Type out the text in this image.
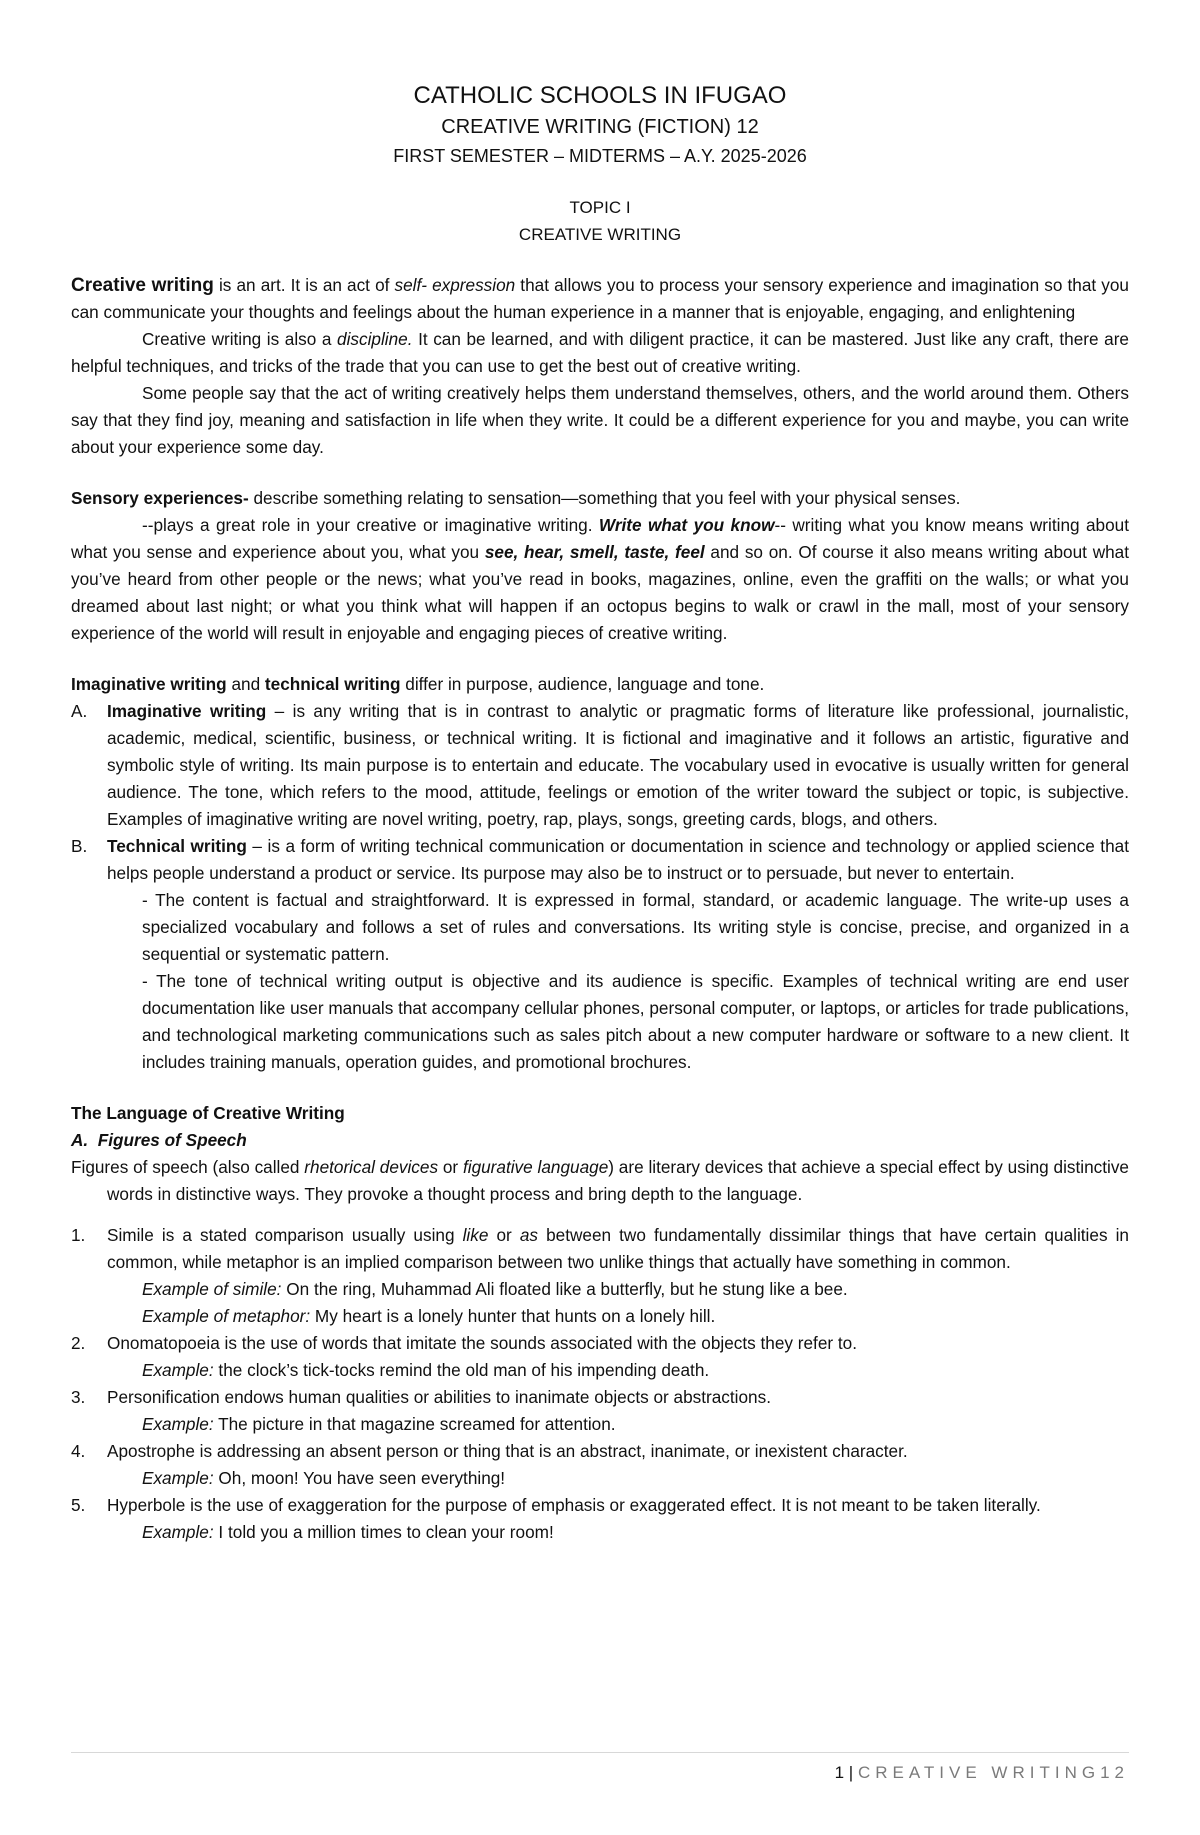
CATHOLIC SCHOOLS IN IFUGAO
CREATIVE WRITING (FICTION) 12
FIRST SEMESTER – MIDTERMS – A.Y. 2025-2026
TOPIC I
CREATIVE WRITING

Creative writing is an art. It is an act of self- expression that allows you to process your sensory experience and imagination so that you can communicate your thoughts and feelings about the human experience in a manner that is enjoyable, engaging, and enlightening

Creative writing is also a discipline. It can be learned, and with diligent practice, it can be mastered. Just like any craft, there are helpful techniques, and tricks of the trade that you can use to get the best out of creative writing.

Some people say that the act of writing creatively helps them understand themselves, others, and the world around them. Others say that they find joy, meaning and satisfaction in life when they write. It could be a different experience for you and maybe, you can write about your experience some day.

Sensory experiences- describe something relating to sensation—something that you feel with your physical senses.

--plays a great role in your creative or imaginative writing. Write what you know-- writing what you know means writing about what you sense and experience about you, what you see, hear, smell, taste, feel and so on. Of course it also means writing about what you’ve heard from other people or the news; what you’ve read in books, magazines, online, even the graffiti on the walls; or what you dreamed about last night; or what you think what will happen if an octopus begins to walk or crawl in the mall, most of your sensory experience of the world will result in enjoyable and engaging pieces of creative writing.

Imaginative writing and technical writing differ in purpose, audience, language and tone.

A. Imaginative writing – is any writing that is in contrast to analytic or pragmatic forms of literature like professional, journalistic, academic, medical, scientific, business, or technical writing. It is fictional and imaginative and it follows an artistic, figurative and symbolic style of writing. Its main purpose is to entertain and educate. The vocabulary used in evocative is usually written for general audience. The tone, which refers to the mood, attitude, feelings or emotion of the writer toward the subject or topic, is subjective. Examples of imaginative writing are novel writing, poetry, rap, plays, songs, greeting cards, blogs, and others.

B. Technical writing – is a form of writing technical communication or documentation in science and technology or applied science that helps people understand a product or service. Its purpose may also be to instruct or to persuade, but never to entertain.

- The content is factual and straightforward. It is expressed in formal, standard, or academic language. The write-up uses a specialized vocabulary and follows a set of rules and conversations. Its writing style is concise, precise, and organized in a sequential or systematic pattern.

- The tone of technical writing output is objective and its audience is specific. Examples of technical writing are end user documentation like user manuals that accompany cellular phones, personal computer, or laptops, or articles for trade publications, and technological marketing communications such as sales pitch about a new computer hardware or software to a new client. It includes training manuals, operation guides, and promotional brochures.

The Language of Creative Writing
A. Figures of Speech

Figures of speech (also called rhetorical devices or figurative language) are literary devices that achieve a special effect by using distinctive words in distinctive ways. They provoke a thought process and bring depth to the language.

1. Simile is a stated comparison usually using like or as between two fundamentally dissimilar things that have certain qualities in common, while metaphor is an implied comparison between two unlike things that actually have something in common.

Example of simile: On the ring, Muhammad Ali floated like a butterfly, but he stung like a bee.

Example of metaphor: My heart is a lonely hunter that hunts on a lonely hill.

2. Onomatopoeia is the use of words that imitate the sounds associated with the objects they refer to.

Example: the clock’s tick-tocks remind the old man of his impending death.

3. Personification endows human qualities or abilities to inanimate objects or abstractions.

Example: The picture in that magazine screamed for attention.

4. Apostrophe is addressing an absent person or thing that is an abstract, inanimate, or inexistent character.

Example: Oh, moon! You have seen everything!

5. Hyperbole is the use of exaggeration for the purpose of emphasis or exaggerated effect. It is not meant to be taken literally.

Example: I told you a million times to clean your room!

1 | CREATIVE WRITING12
